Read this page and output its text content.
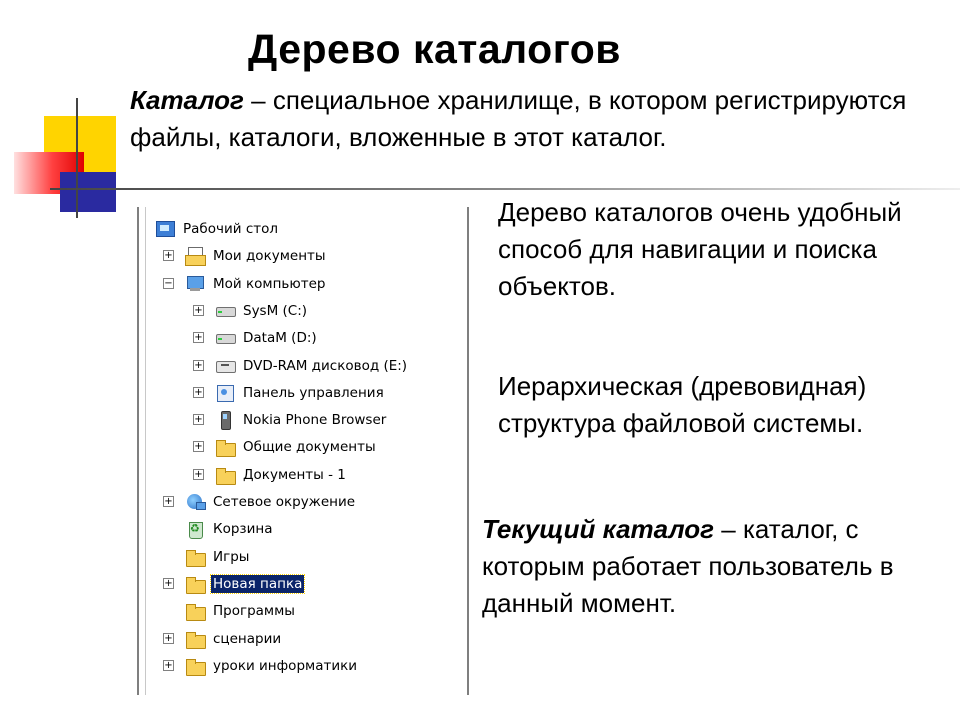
Дерево каталогов
Каталог – специальное хранилище, в котором регистрируются файлы, каталоги, вложенные в этот каталог.
Рабочий стол
+	Мои документы
−	Мой компьютер
+	SysM (C:)
+	DataM (D:)
+	DVD-RAM дисковод (E:)
+	Панель управления
+	Nokia Phone Browser
+	Общие документы
+	Документы - 1
+	Сетевое окружение
♻
Корзина
Игры
+	Новая папка
Программы
+	сценарии
+	уроки информатики
Дерево каталогов очень удобный способ для навигации и поиска объектов.
Иерархическая (древовидная) структура файловой системы.
Текущий каталог – каталог, с которым работает пользователь в данный момент.
